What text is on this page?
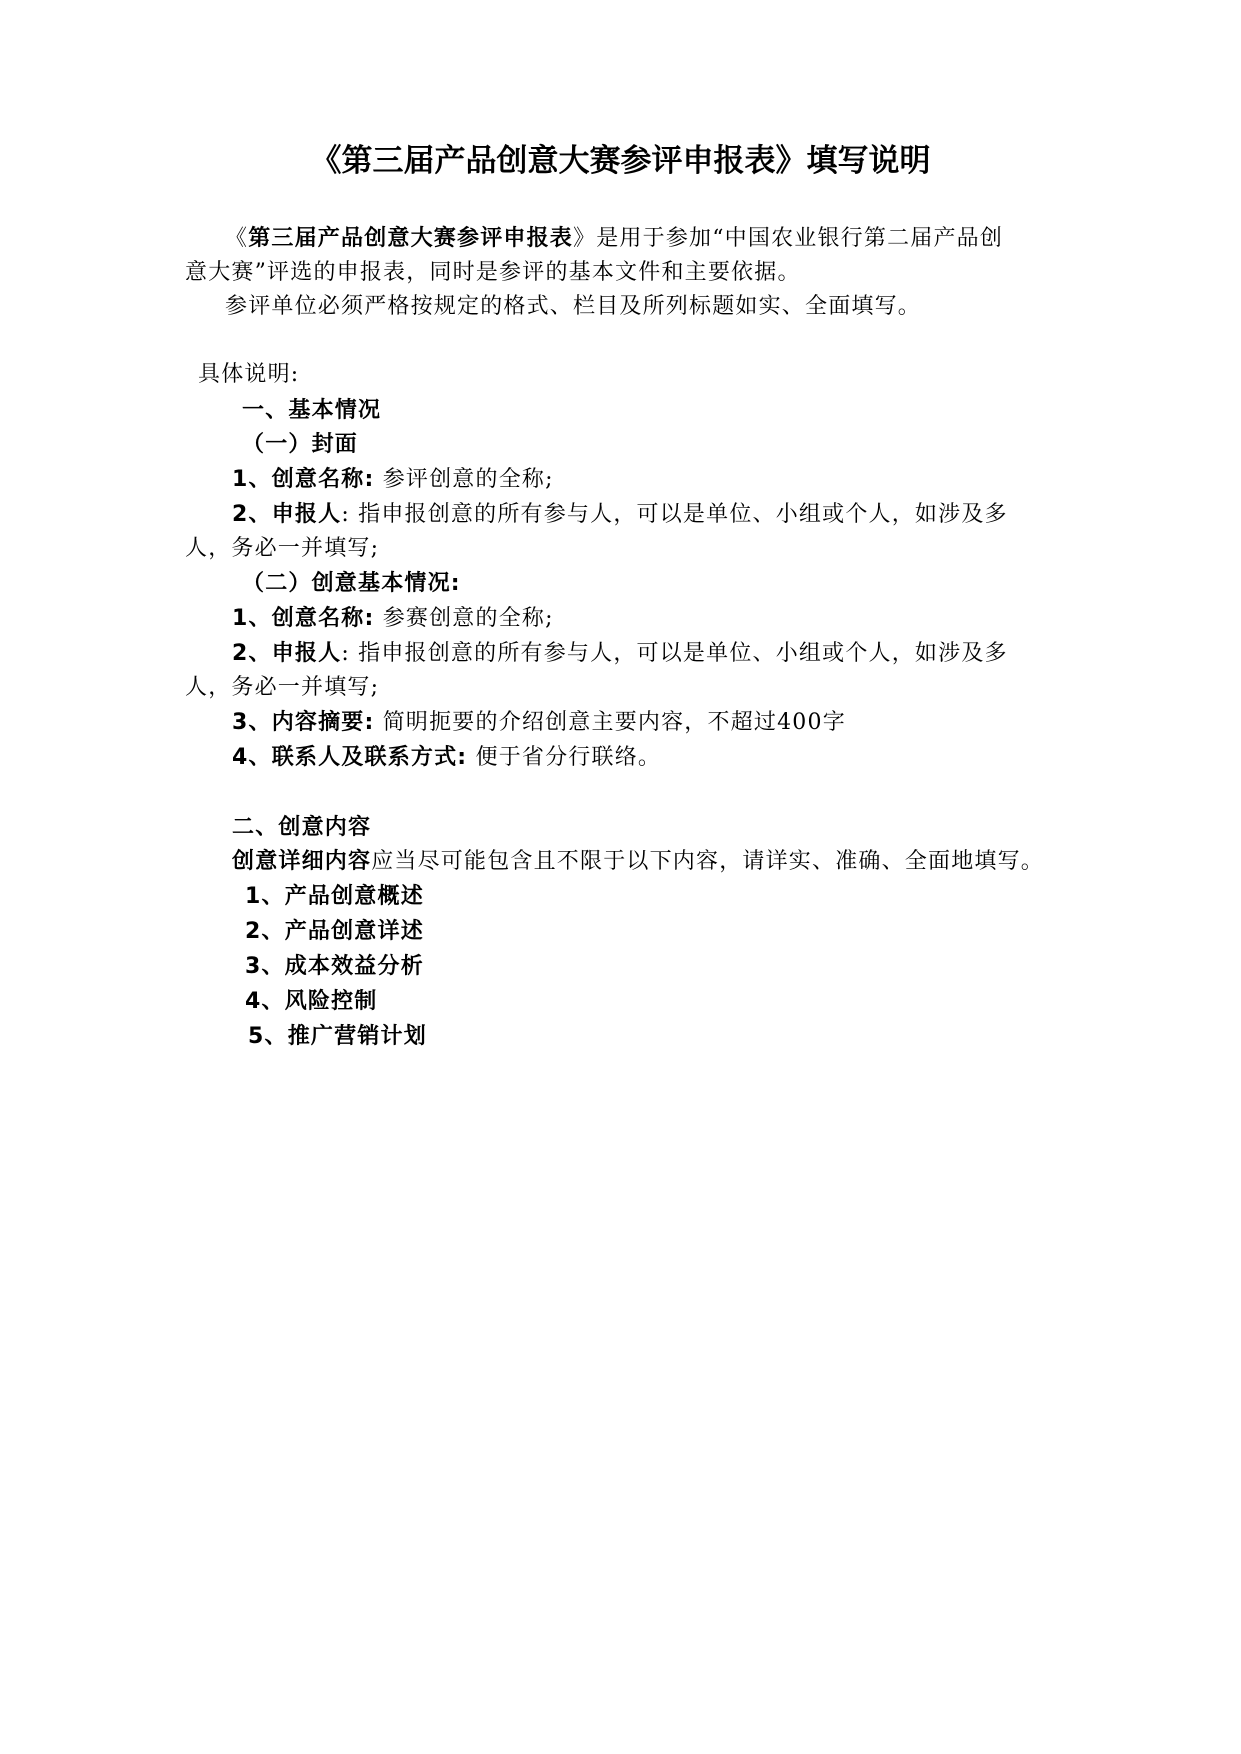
《第三届产品创意大赛参评申报表》填写说明
《第三届产品创意大赛参评申报表》是用于参加“中国农业银行第二届产品创
意大赛”评选的申报表，同时是参评的基本文件和主要依据。
参评单位必须严格按规定的格式、栏目及所列标题如实、全面填写。
具体说明:
一、基本情况
（一）封面
1、创意名称: 参评创意的全称;
2、申报人: 指申报创意的所有参与人，可以是单位、小组或个人，如涉及多
人，务必一并填写;
（二）创意基本情况:
1、创意名称: 参赛创意的全称;
2、申报人: 指申报创意的所有参与人，可以是单位、小组或个人，如涉及多
人，务必一并填写;
3、内容摘要: 简明扼要的介绍创意主要内容，不超过400字
4、联系人及联系方式: 便于省分行联络。
二、创意内容
创意详细内容应当尽可能包含且不限于以下内容，请详实、准确、全面地填写。
1、产品创意概述
2、产品创意详述
3、成本效益分析
4、风险控制
5、推广营销计划
